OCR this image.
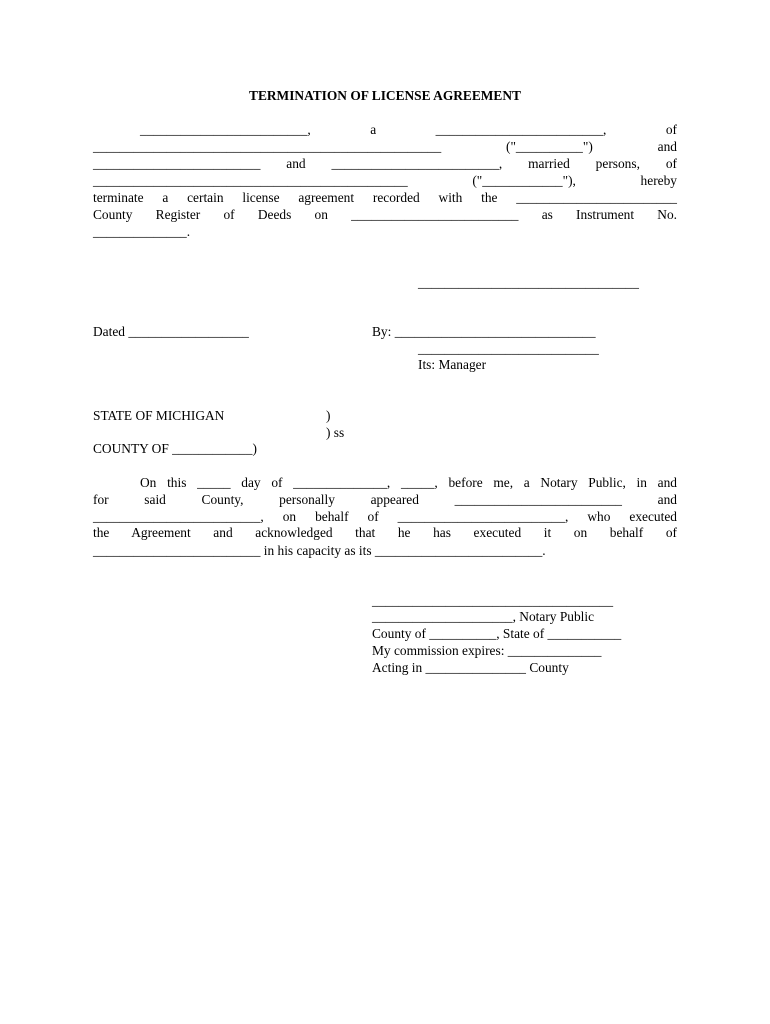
TERMINATION OF LICENSE AGREEMENT
_________________________, a _________________________, of
____________________________________________________ ("__________") and
_________________________ and _________________________, married persons, of
_______________________________________________ ("____________"), hereby
terminate a certain license agreement recorded with the ________________________
County Register of Deeds on _________________________ as Instrument No.
______________.
_________________________________
Dated __________________	By: ______________________________
___________________________
Its: Manager
STATE OF MICHIGAN	)
) ss
COUNTY OF ____________)
On this _____ day of ______________, _____, before me, a Notary Public, in and
for said County, personally appeared _________________________ and
_________________________, on behalf of _________________________, who executed
the Agreement and acknowledged that he has executed it on behalf of
_________________________ in his capacity as its _________________________.
____________________________________
_____________________, Notary Public
County of __________, State of ___________
My commission expires: ______________
Acting in _______________ County
